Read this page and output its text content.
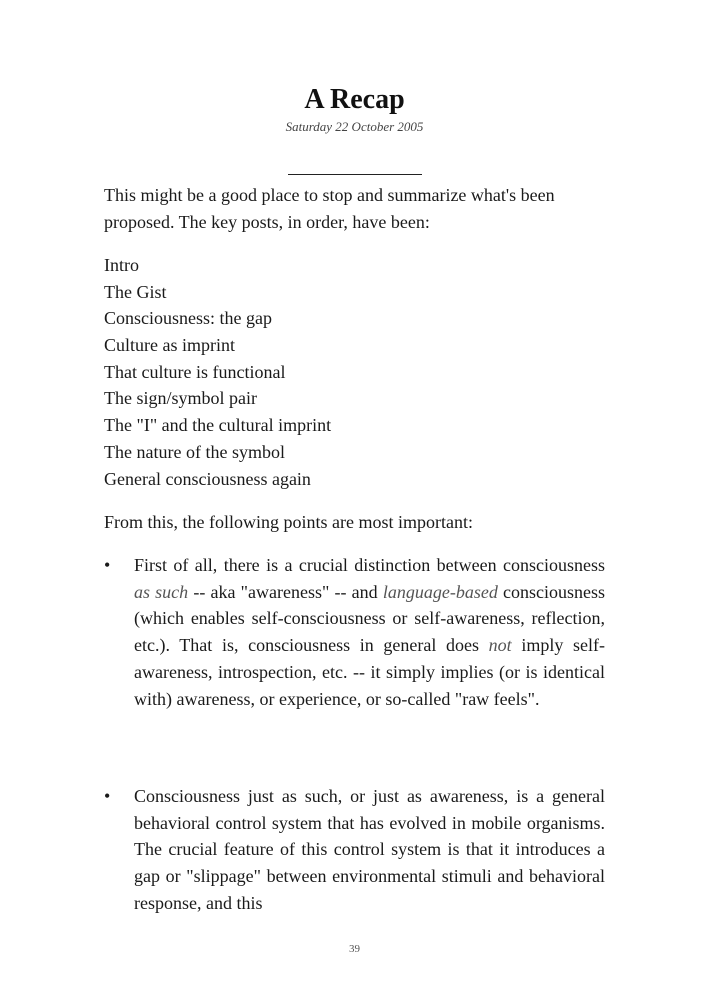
A Recap
Saturday 22 October 2005
This might be a good place to stop and summarize what's been proposed. The key posts, in order, have been:
Intro
The Gist
Consciousness: the gap
Culture as imprint
That culture is functional
The sign/symbol pair
The "I" and the cultural imprint
The nature of the symbol
General consciousness again
From this, the following points are most important:
• First of all, there is a crucial distinction between consciousness as such -- aka "awareness" -- and language-based consciousness (which enables self-consciousness or self-awareness, reflection, etc.). That is, consciousness in general does not imply self-awareness, introspection, etc. -- it simply implies (or is identical with) awareness, or experience, or so-called "raw feels".
• Consciousness just as such, or just as awareness, is a general behavioral control system that has evolved in mobile organisms. The crucial feature of this control system is that it introduces a gap or "slippage" between environmental stimuli and behavioral response, and this
39
